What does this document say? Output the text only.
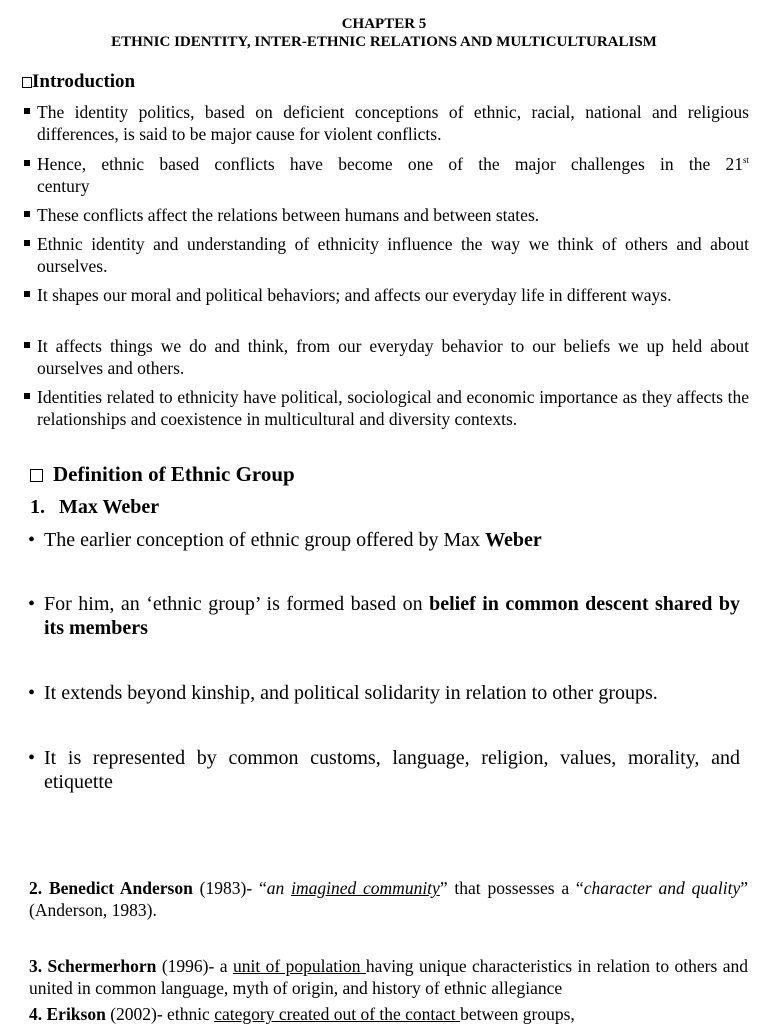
CHAPTER 5
ETHNIC IDENTITY, INTER-ETHNIC RELATIONS AND MULTICULTURALISM
Introduction
The identity politics, based on deficient conceptions of ethnic, racial, national and religious differences, is said to be major cause for violent conflicts.
Hence, ethnic based conflicts have become one of the major challenges in the 21st
century
These conflicts affect the relations between humans and between states.
Ethnic identity and understanding of ethnicity influence the way we think of others and about ourselves.
It shapes our moral and political behaviors; and affects our everyday life in different ways.
It affects things we do and think, from our everyday behavior to our beliefs we up held about ourselves and others.
Identities related to ethnicity have political, sociological and economic importance as they affects the relationships and coexistence in multicultural and diversity contexts.
Definition of Ethnic Group
1. Max Weber
• The earlier conception of ethnic group offered by Max Weber
• For him, an ‘ethnic group’ is formed based on belief in common descent shared by its members
• It extends beyond kinship, and political solidarity in relation to other groups.
• It is represented by common customs, language, religion, values, morality, and etiquette
2. Benedict Anderson (1983)- “an imagined community” that possesses a “character and quality” (Anderson, 1983).
3. Schermerhorn (1996)- a unit of population having unique characteristics in relation to others and united in common language, myth of origin, and history of ethnic allegiance
4. Erikson (2002)- ethnic category created out of the contact between groups,
